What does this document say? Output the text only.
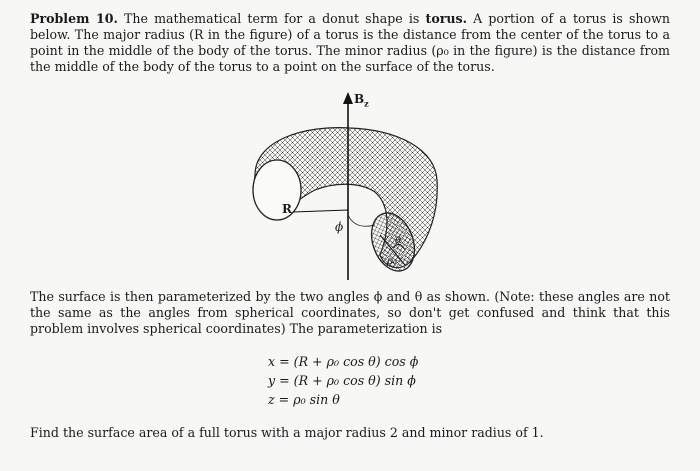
Problem 10. The mathematical term for a donut shape is torus. A portion of a torus is shown below. The major radius (R in the figure) of a torus is the distance from the center of the torus to a point in the middle of the body of the torus. The minor radius (ρ₀ in the figure) is the distance from the middle of the body of the torus to a point on the surface of the torus.
$B_z$
R
ϕ
θ
ρ₀
The surface is then parameterized by the two angles ϕ and θ as shown. (Note: these angles are not the same as the angles from spherical coordinates, so don't get confused and think that this problem involves spherical coordinates) The parameterization is
x = (R + ρ₀ cos θ) cos ϕ
y = (R + ρ₀ cos θ) sin ϕ
z = ρ₀ sin θ
Find the surface area of a full torus with a major radius 2 and minor radius of 1.
